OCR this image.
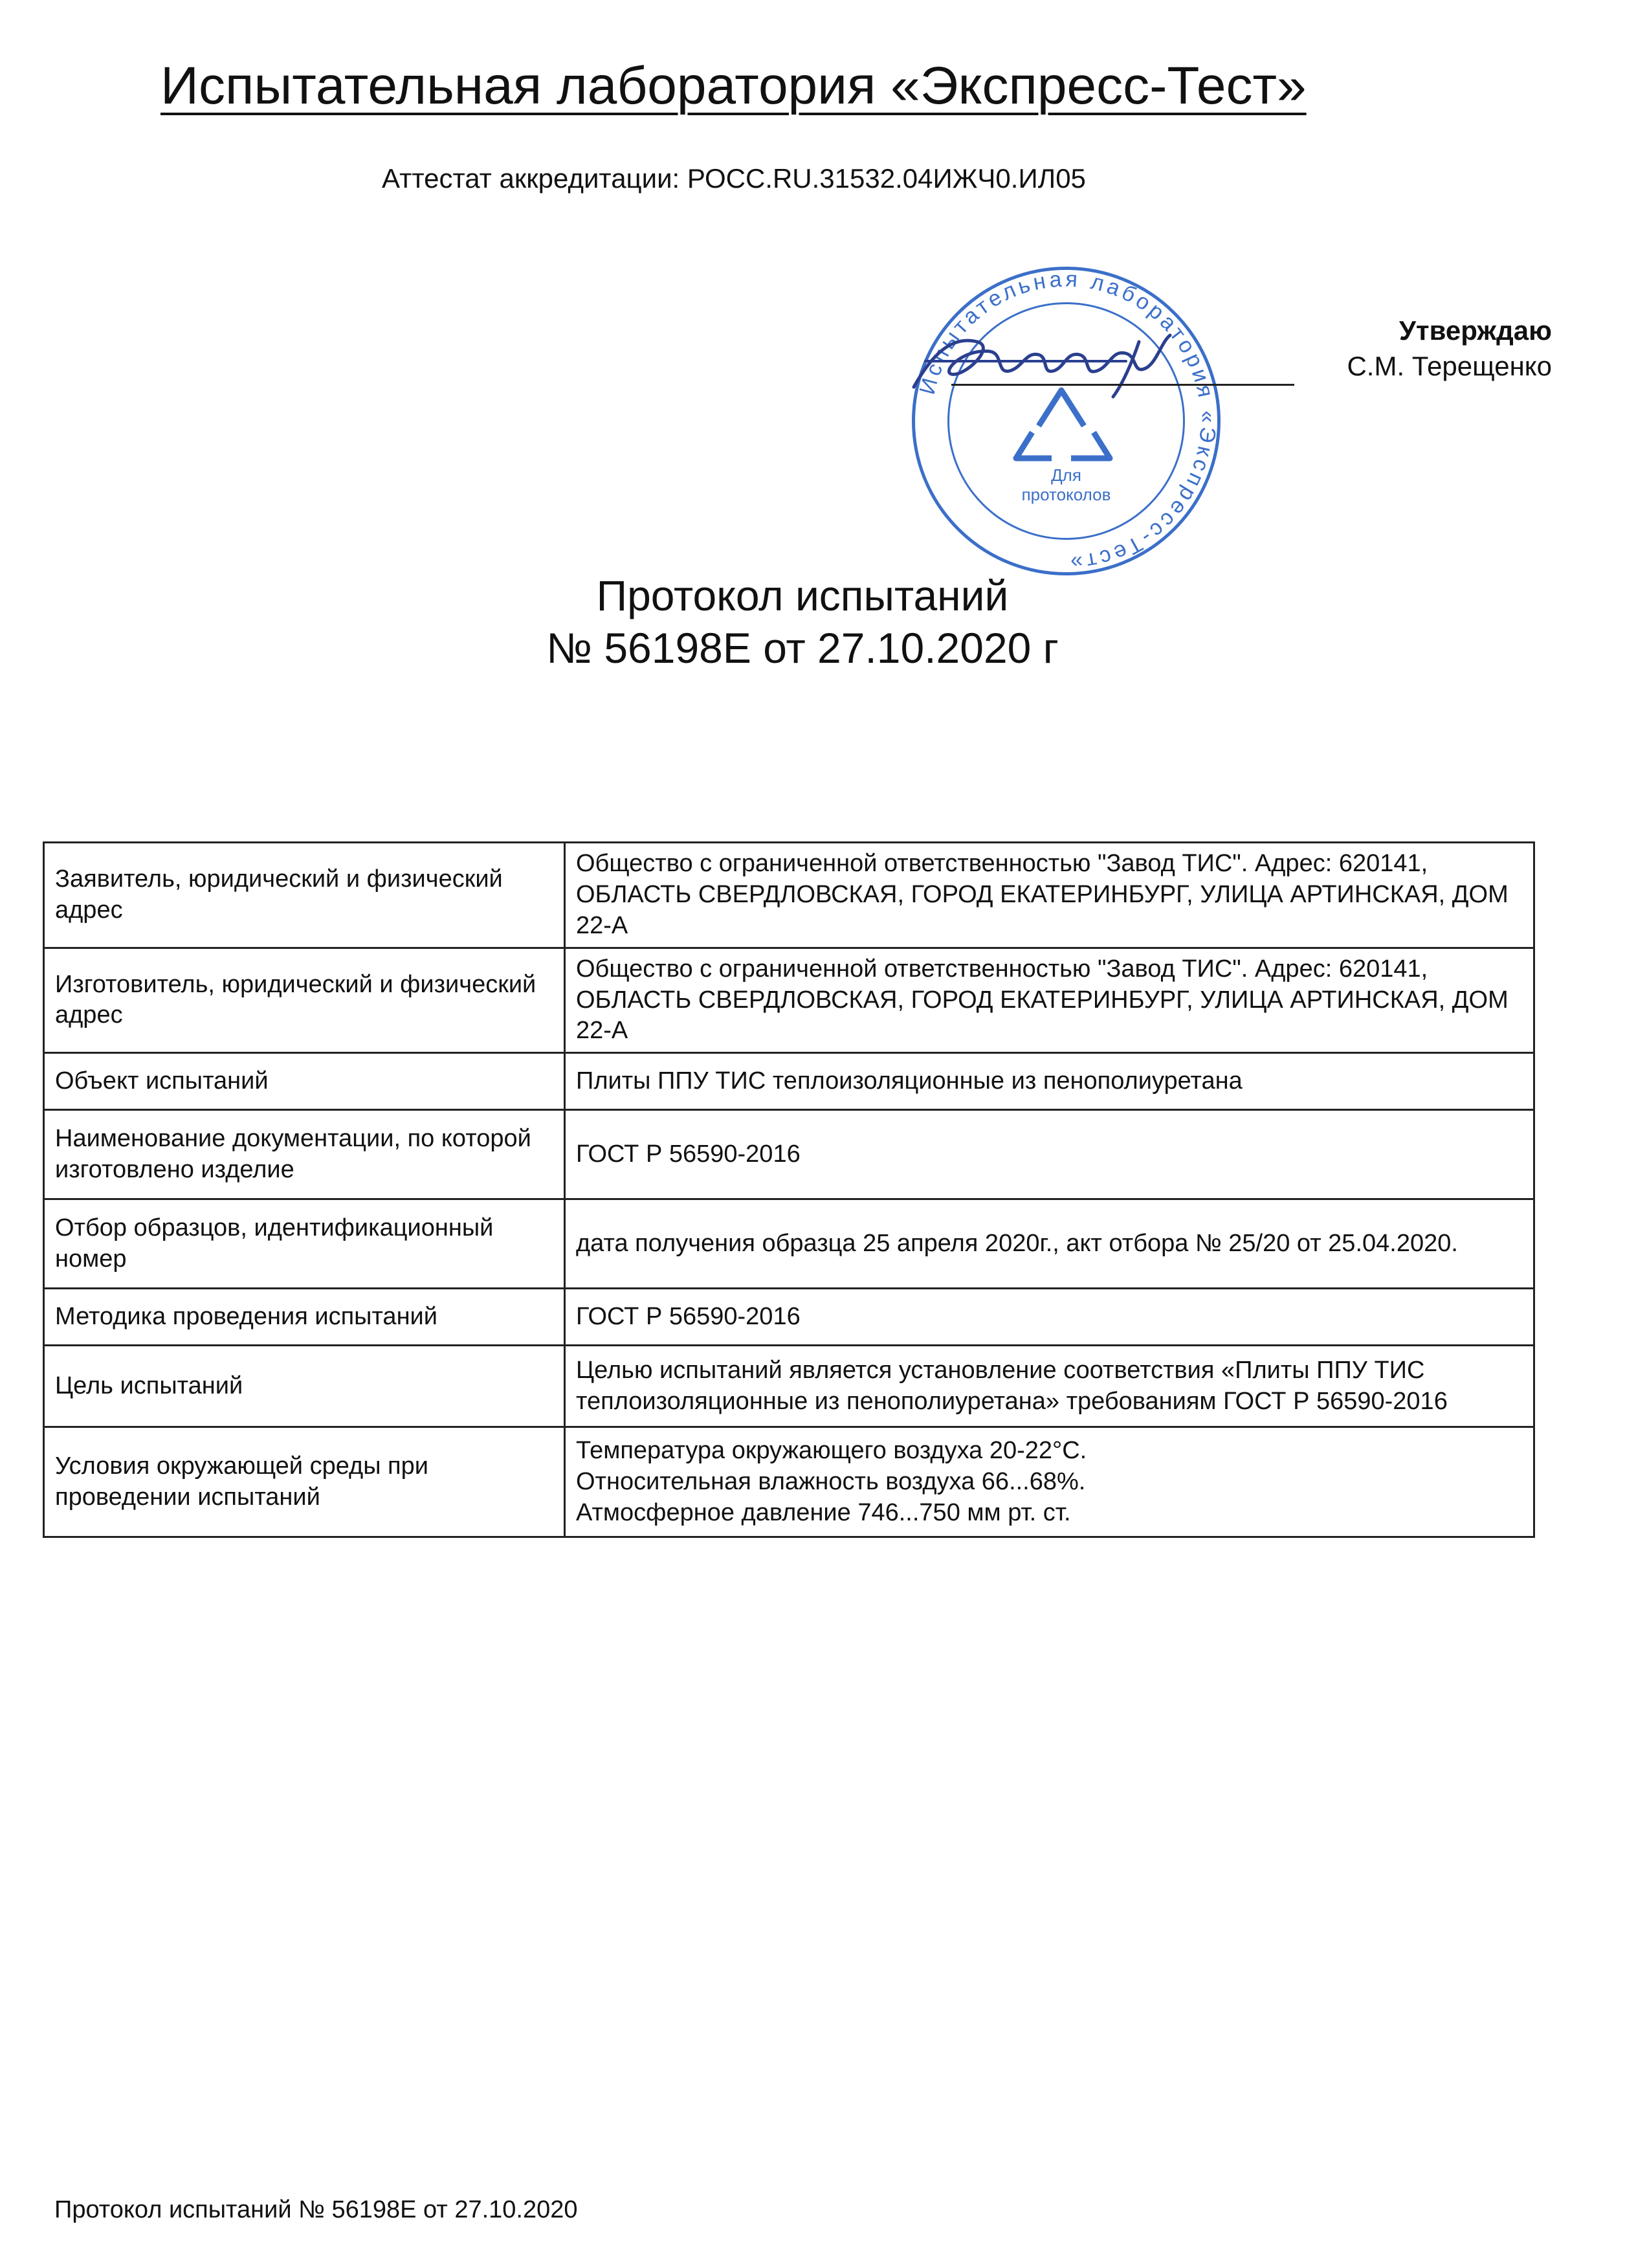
Испытательная лаборатория «Экспресс-Тест»
Аттестат аккредитации: РОСС.RU.31532.04ИЖЧ0.ИЛ05
Испытательная лаборатория «Экспресс-Тест»
Для
протоколов
Утверждаю
С.М. Терещенко
Протокол испытаний
№ 56198Е от 27.10.2020 г
Заявитель, юридический и физический адрес	Общество с ограниченной ответственностью "Завод ТИС". Адрес: 620141, ОБЛАСТЬ СВЕРДЛОВСКАЯ, ГОРОД ЕКАТЕРИНБУРГ, УЛИЦА АРТИНСКАЯ, ДОМ 22-А
Изготовитель, юридический и физический адрес	Общество с ограниченной ответственностью "Завод ТИС". Адрес: 620141, ОБЛАСТЬ СВЕРДЛОВСКАЯ, ГОРОД ЕКАТЕРИНБУРГ, УЛИЦА АРТИНСКАЯ, ДОМ 22-А
Объект испытаний	Плиты ППУ ТИС теплоизоляционные из пенополиуретана
Наименование документации, по которой изготовлено изделие	ГОСТ Р 56590-2016
Отбор образцов, идентификационный номер	дата получения образца 25 апреля 2020г., акт отбора № 25/20 от 25.04.2020.
Методика проведения испытаний	ГОСТ Р 56590-2016
Цель испытаний	Целью испытаний является установление соответствия «Плиты ППУ ТИС теплоизоляционные из пенополиуретана» требованиям ГОСТ Р 56590-2016
Условия окружающей среды при проведении испытаний	Температура окружающего воздуха 20-22°С.
Относительная влажность воздуха 66...68%.
Атмосферное давление 746...750 мм рт. ст.
Протокол испытаний № 56198Е от 27.10.2020
